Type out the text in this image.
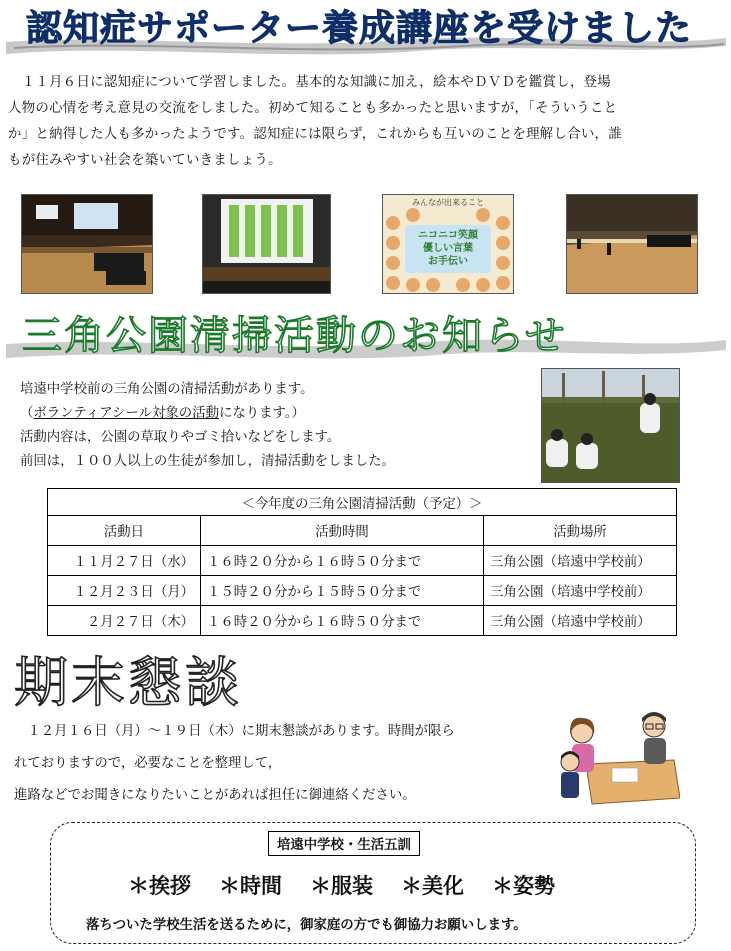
認知症サポーター養成講座を受けました

　１１月６日に認知症について学習しました。基本的な知識に加え，絵本やＤＶＤを鑑賞し，登場

人物の心情を考え意見の交流をしました。初めて知ることも多かったと思いますが，「そういうこと

か」と納得した人も多かったようです。認知症には限らず，これからも互いのことを理解し合い，誰

もが住みやすい社会を築いていきましょう。

みんなが出来ること
ニコニコ笑顔
優しい言葉
お手伝い
三角公園清掃活動のお知らせ

培遠中学校前の三角公園の清掃活動があります。

（ボランティアシール対象の活動になります。）

活動内容は，公園の草取りやゴミ拾いなどをします。

前回は，１００人以上の生徒が参加し，清掃活動をしました。

＜今年度の三角公園清掃活動（予定）＞		
活動日	活動時間	活動場所
１１月２７日（水）	１６時２０分から１６時５０分まで	三角公園（培遠中学校前）
１２月２３日（月）	１５時２０分から１５時５０分まで	三角公園（培遠中学校前）
２月２７日（木）	１６時２０分から１６時５０分まで	三角公園（培遠中学校前）
期末懇談

　１２月１６日（月）～１９日（木）に期末懇談があります。時間が限ら

れておりますので，必要なことを整理して，

進路などでお聞きになりたいことがあれば担任に御連絡ください。

培遠中学校・生活五訓
＊挨拶 ＊時間 ＊服装 ＊美化 ＊姿勢
落ちついた学校生活を送るために，御家庭の方でも御協力お願いします。
